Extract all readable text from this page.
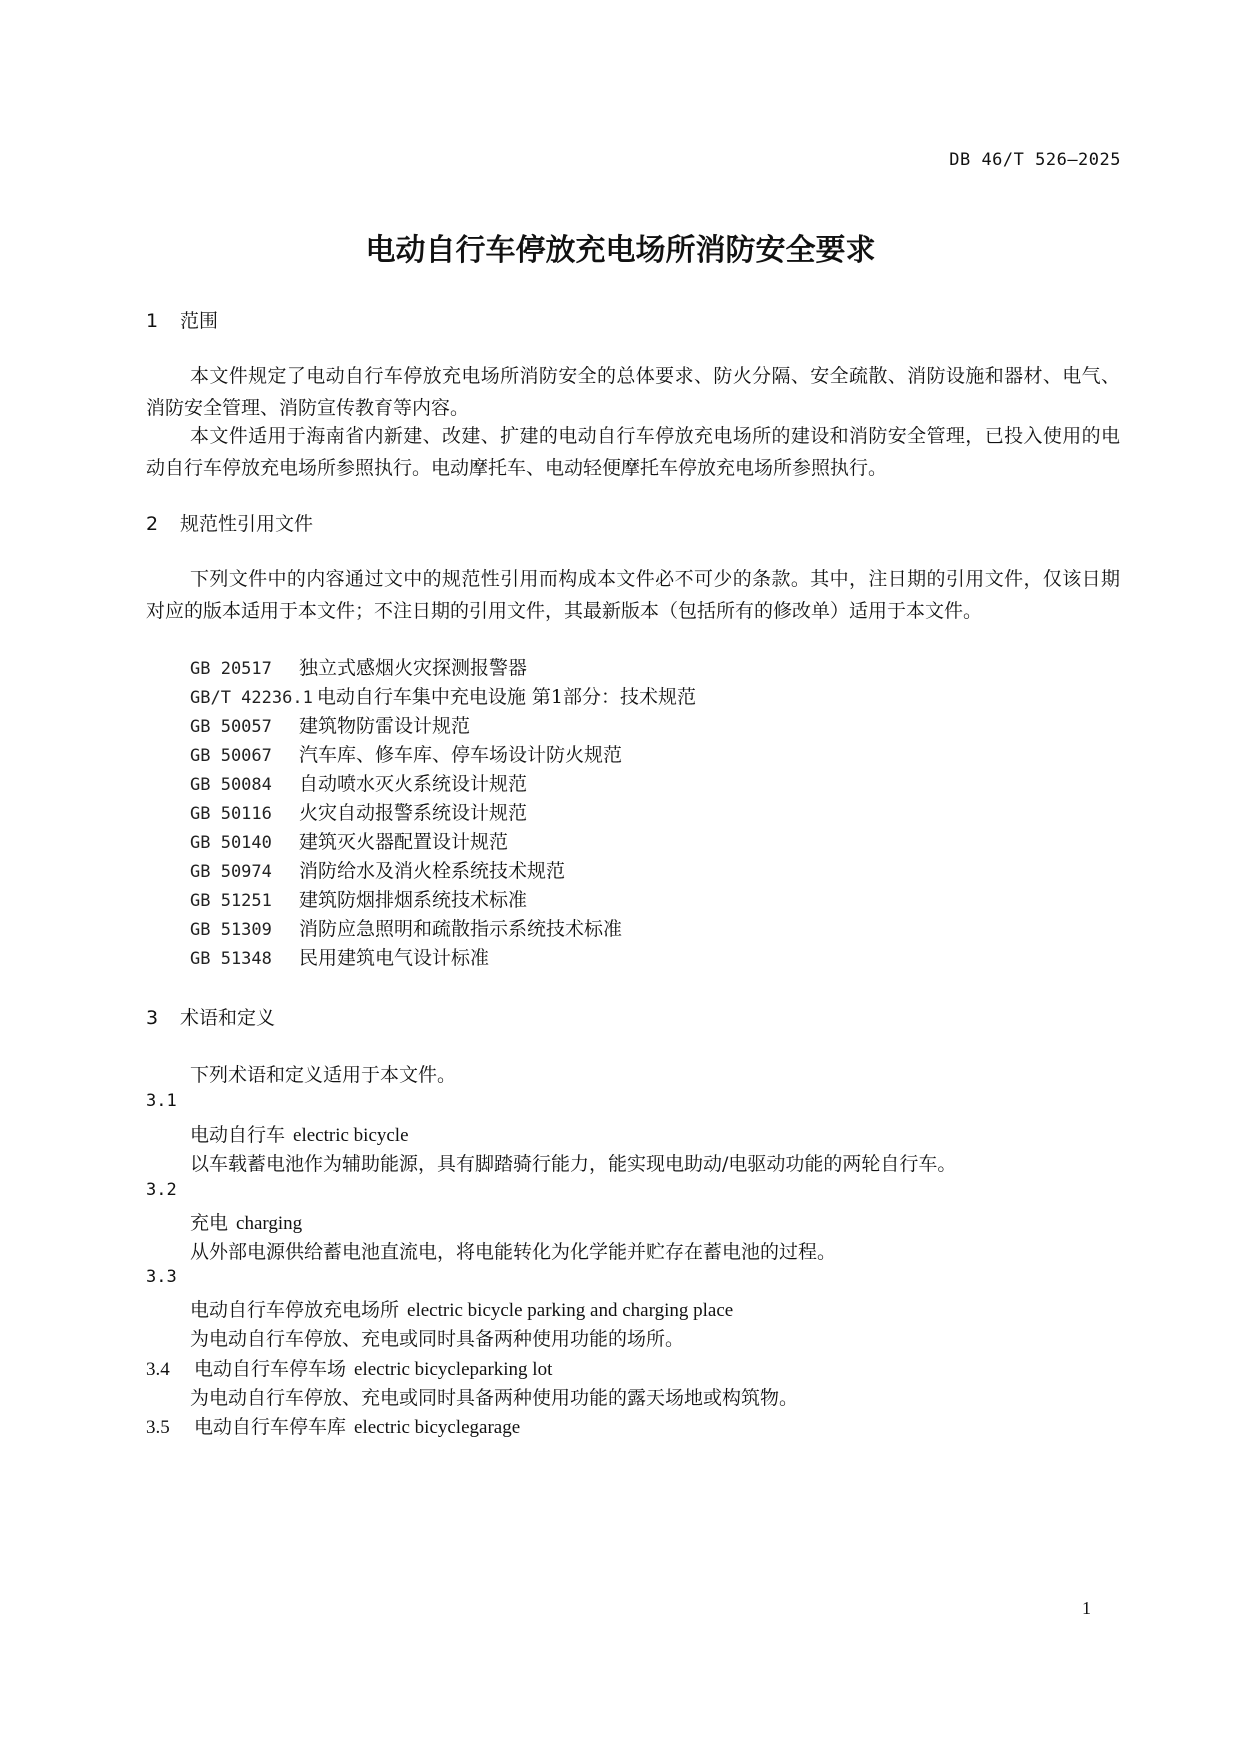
DB 46/T 526—2025
电动自行车停放充电场所消防安全要求
1 范围

本文件规定了电动自行车停放充电场所消防安全的总体要求、防火分隔、安全疏散、消防设施和器材、电气、消防安全管理、消防宣传教育等内容。

本文件适用于海南省内新建、改建、扩建的电动自行车停放充电场所的建设和消防安全管理，已投入使用的电动自行车停放充电场所参照执行。电动摩托车、电动轻便摩托车停放充电场所参照执行。

2 规范性引用文件

下列文件中的内容通过文中的规范性引用而构成本文件必不可少的条款。其中，注日期的引用文件，仅该日期对应的版本适用于本文件；不注日期的引用文件，其最新版本（包括所有的修改单）适用于本文件。

GB 20517 独立式感烟火灾探测报警器
GB/T 42236.1 电动自行车集中充电设施 第1部分：技术规范
GB 50057 建筑物防雷设计规范
GB 50067 汽车库、修车库、停车场设计防火规范
GB 50084 自动喷水灭火系统设计规范
GB 50116 火灾自动报警系统设计规范
GB 50140 建筑灭火器配置设计规范
GB 50974 消防给水及消火栓系统技术规范
GB 51251 建筑防烟排烟系统技术标准
GB 51309 消防应急照明和疏散指示系统技术标准
GB 51348 民用建筑电气设计标准
3 术语和定义
下列术语和定义适用于本文件。
3.1
电动自行车 electric bicycle
以车载蓄电池作为辅助能源，具有脚踏骑行能力，能实现电助动/电驱动功能的两轮自行车。
3.2
充电 charging
从外部电源供给蓄电池直流电，将电能转化为化学能并贮存在蓄电池的过程。
3.3
电动自行车停放充电场所 electric bicycle parking and charging place
为电动自行车停放、充电或同时具备两种使用功能的场所。
3.4 电动自行车停车场 electric bicycleparking lot
为电动自行车停放、充电或同时具备两种使用功能的露天场地或构筑物。
3.5 电动自行车停车库 electric bicyclegarage
1
